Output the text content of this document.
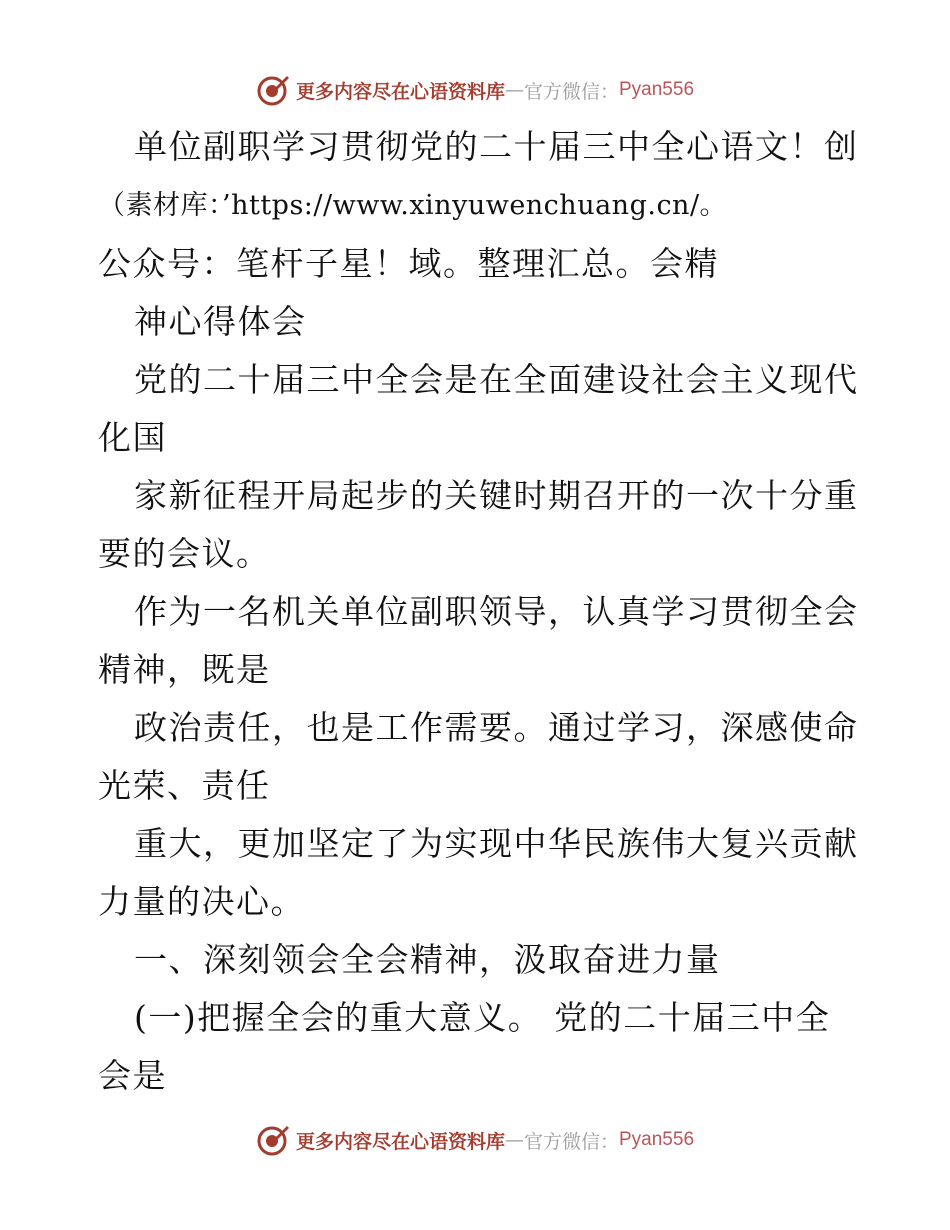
更多内容尽在心语资料库 — 官方微信： Pyan556
单位副职学习贯彻党的二十届三中全心语文！创
（素材库：’https://www.xinyuwenchuang.cn/。
公众号：笔杆子星！域。整理汇总。会精
神心得体会
党的二十届三中全会是在全面建设社会主义现代
化国
家新征程开局起步的关键时期召开的一次十分重
要的会议。
作为一名机关单位副职领导，认真学习贯彻全会
精神，既是
政治责任，也是工作需要。通过学习，深感使命
光荣、责任
重大，更加坚定了为实现中华民族伟大复兴贡献
力量的决心。
一、深刻领会全会精神，汲取奋进力量
(一)把握全会的重大意义。 党的二十届三中全
会是
更多内容尽在心语资料库 — 官方微信： Pyan556
